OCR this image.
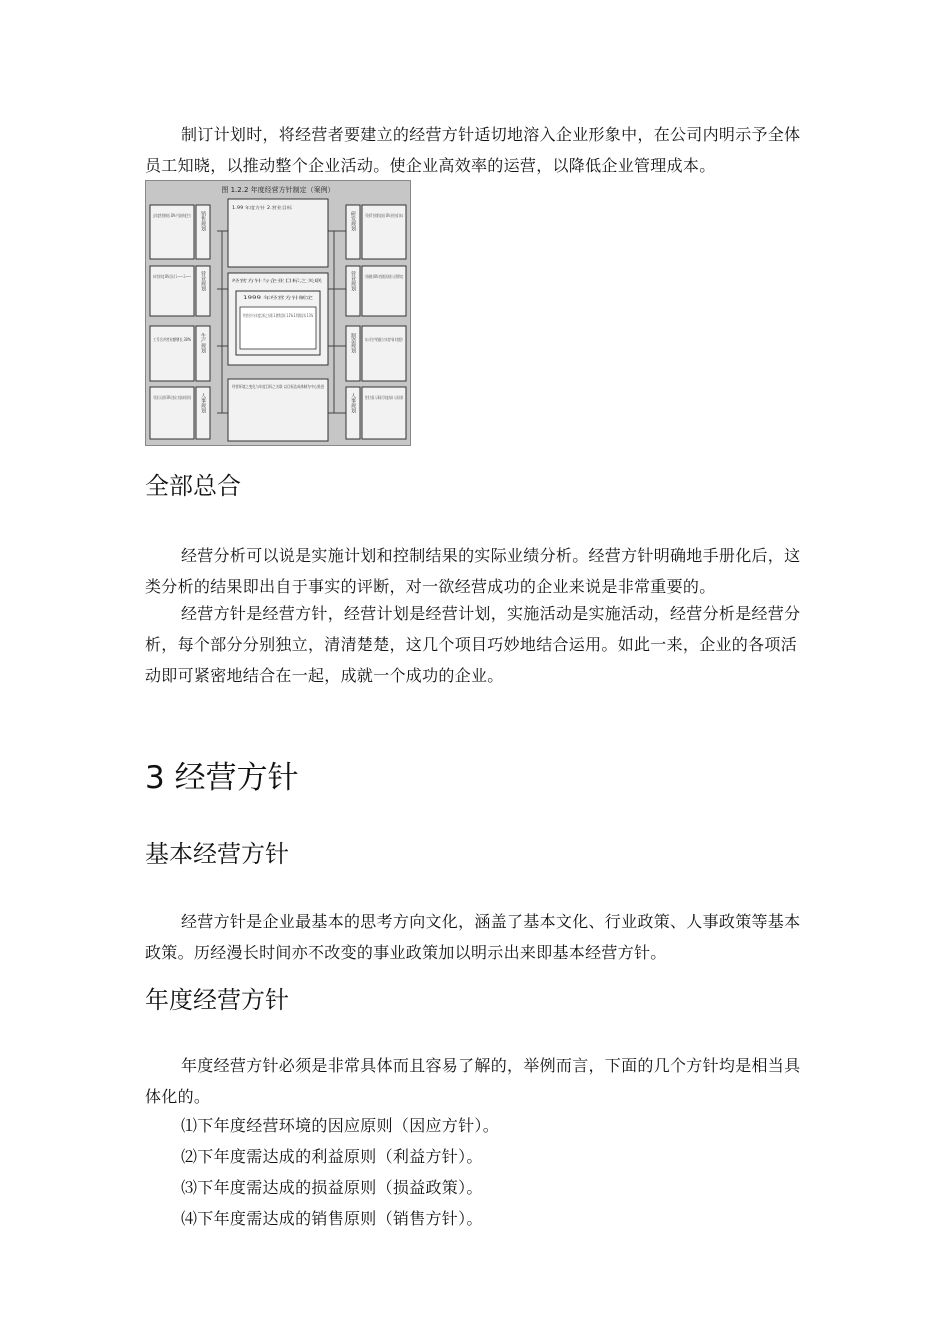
制订计划时，将经营者要建立的经营方针适切地溶入企业形象中，在公司内明示予全体员工知晓，以推动整个企业活动。使企业高效率的运营，以降低企业管理成本。

图 1.2.2 年度经营方针制定（案例）
去年度营业额成长 30% 产品结构化生方
工号合并营业额增长 30%
销售规划
营业规划
生产规划
人事规划
本公司生产规划能力与年度产量 年度提升
营业方案 人事部门年度成本 人员培训
研发规划
营业规划
制造规划
人事规划
1.99 年度方针 2.营业目标
经营方针与企业目标之关联
1999 年经营方针制定
经营方针与年度目标之关联 1.销售目标 1.1% 2.利润目标 1.1%
经营环境之变化与年度目标之关联 以目标达成体制为中心推进
全部总合

经营分析可以说是实施计划和控制结果的实际业绩分析。经营方针明确地手册化后，这类分析的结果即出自于事实的评断，对一欲经营成功的企业来说是非常重要的。

经营方针是经营方针，经营计划是经营计划，实施活动是实施活动，经营分析是经营分析，每个部分分别独立，清清楚楚，这几个项目巧妙地结合运用。如此一来，企业的各项活动即可紧密地结合在一起，成就一个成功的企业。

3 经营方针
基本经营方针

经营方针是企业最基本的思考方向文化，涵盖了基本文化、行业政策、人事政策等基本政策。历经漫长时间亦不改变的事业政策加以明示出来即基本经营方针。

年度经营方针

年度经营方针必须是非常具体而且容易了解的，举例而言，下面的几个方针均是相当具体化的。

⑴下年度经营环境的因应原则（因应方针）。

⑵下年度需达成的利益原则（利益方针）。

⑶下年度需达成的损益原则（损益政策）。

⑷下年度需达成的销售原则（销售方针）。
